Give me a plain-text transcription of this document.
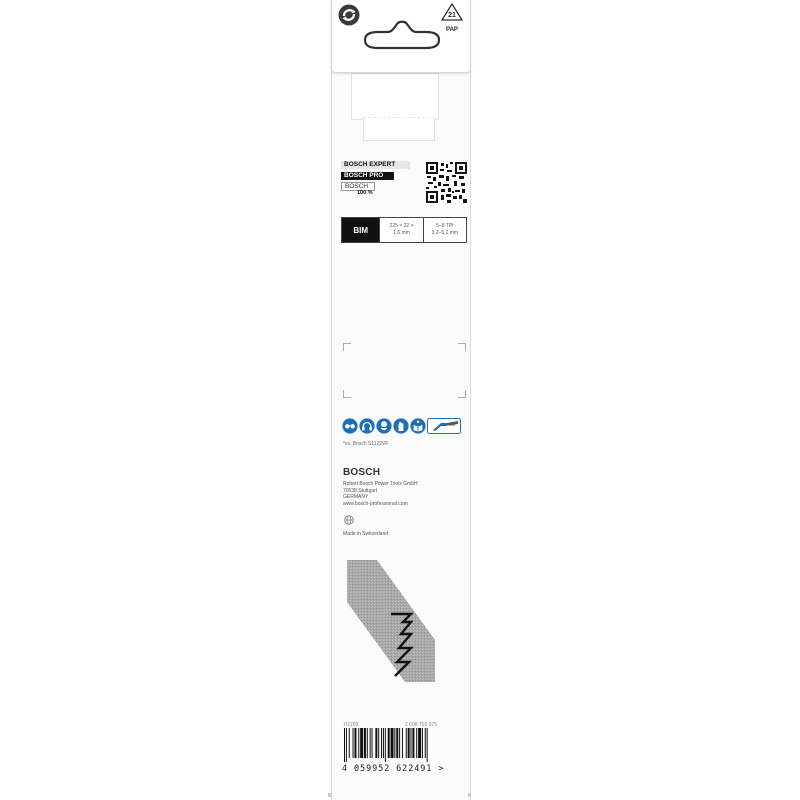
21
PAP
BOSCH EXPERT
BOSCH PRO
BOSCH
100 %
BIM	225 × 22 ×
1,6 mm
5–8 TPI
3,2–5,1 mm
*vs. Bosch S1122VF
BOSCH
Robert Bosch Power Tools GmbH
70538 Stuttgart
GERMANY
www.bosch-professional.com
Made in Switzerland
7/2209	2 608 703 975
4 059952 622491 >
